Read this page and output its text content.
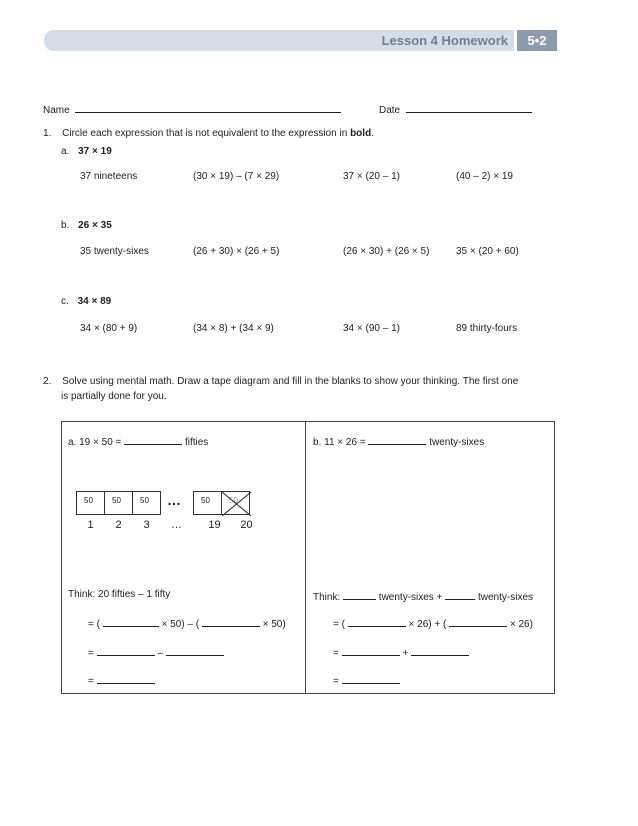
Lesson 4 Homework	5•2
Name	Date
1. Circle each expression that is not equivalent to the expression in bold.
a. 37 × 19
37 nineteens	(30 × 19) – (7 × 29)	37 × (20 – 1)	(40 – 2) × 19
b. 26 × 35
35 twenty-sixes	(26 + 30) × (26 + 5)	(26 × 30) + (26 × 5)	35 × (20 + 60)
c. 34 × 89
34 × (80 + 9)	(34 × 8) + (34 × 9)	34 × (90 – 1)	89 thirty-fours
2. Solve using mental math. Draw a tape diagram and fill in the blanks to show your thinking. The first one
is partially done for you.
a. 19 × 50 =	fifties
50	50	50	…	50	50
1	2	3	…	19	20
Think: 20 fifties – 1 fifty
= (	× 50) – (	× 50)
=	–
=
b. 11 × 26 =	twenty-sixes
Think:	twenty-sixes +	twenty-sixes
= (	× 26) + (	× 26)
=	+
=
